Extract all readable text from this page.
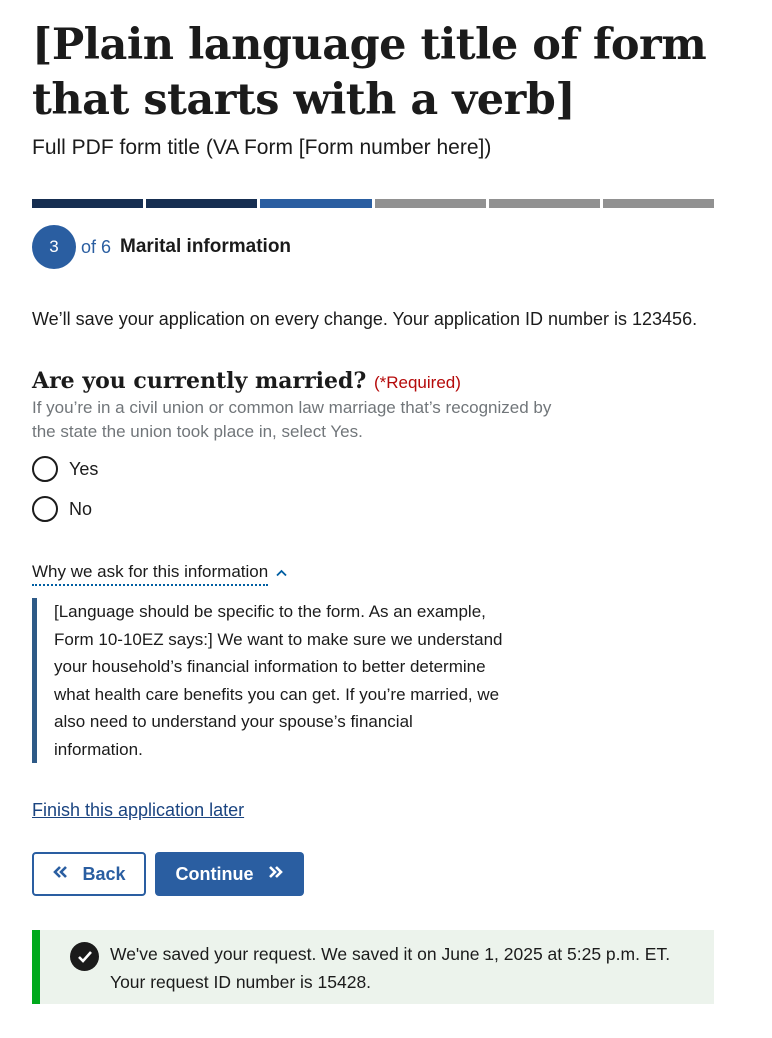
[Plain language title of form that starts with a verb]

Full PDF form title (VA Form [Form number here])

3 of 6 Marital information

We’ll save your application on every change. Your application ID number is 123456.

Are you currently married? (*Required)

If you’re in a civil union or common law marriage that’s recognized by the state the union took place in, select Yes.

Yes
No
Why we ask for this information

[Language should be specific to the form. As an example, Form 10-10EZ says:] We want to make sure we understand your household’s financial information to better determine what health care benefits you can get. If you’re married, we also need to understand your spouse’s financial information.

Finish this application later
Back	Continue

We've saved your request. We saved it on June 1, 2025 at 5:25 p.m. ET.
Your request ID number is 15428.
